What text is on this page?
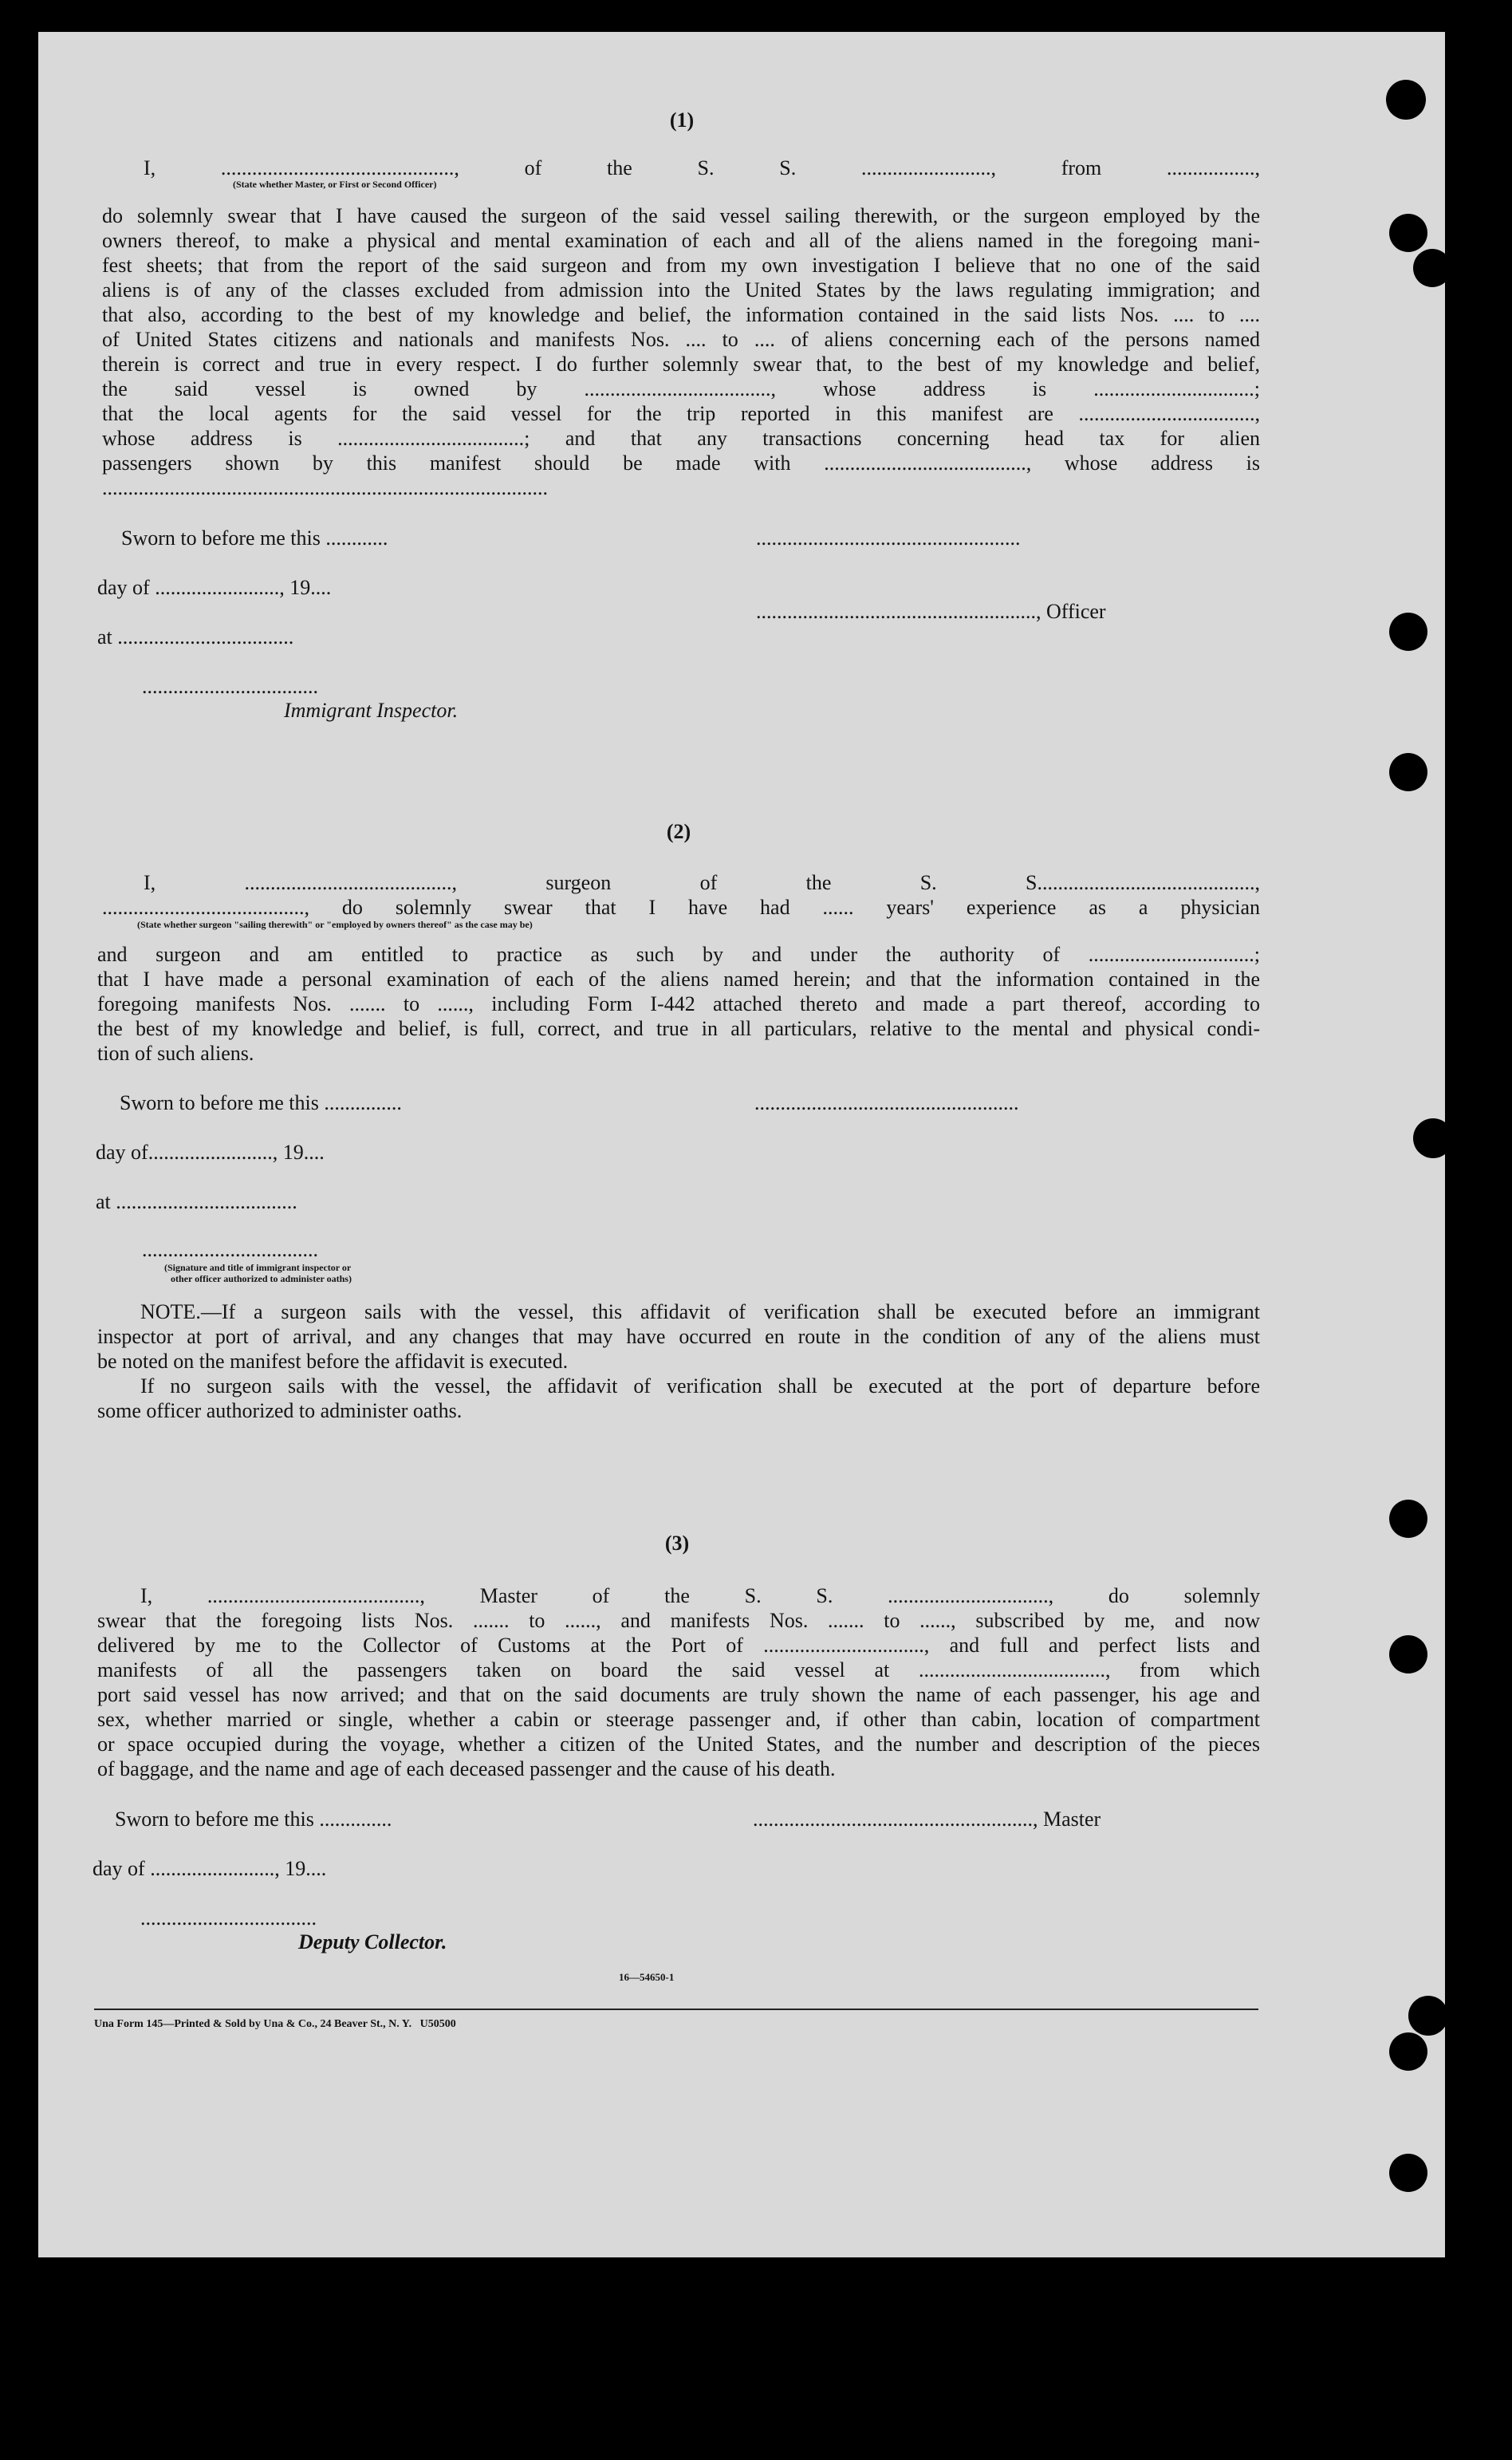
(1)
I, ............................................., of the S. S. ........................., from .................,
(State whether Master, or First or Second Officer)
do solemnly swear that I have caused the surgeon of the said vessel sailing therewith, or the surgeon employed by the
owners thereof, to make a physical and mental examination of each and all of the aliens named in the foregoing mani-
fest sheets; that from the report of the said surgeon and from my own investigation I believe that no one of the said
aliens is of any of the classes excluded from admission into the United States by the laws regulating immigration; and
that also, according to the best of my knowledge and belief, the information contained in the said lists Nos. .... to ....
of United States citizens and nationals and manifests Nos. .... to .... of aliens concerning each of the persons named
therein is correct and true in every respect. I do further solemnly swear that, to the best of my knowledge and belief,
the said vessel is owned by ...................................., whose address is ...............................;
that the local agents for the said vessel for the trip reported in this manifest are ..................................,
whose address is ....................................; and that any transactions concerning head tax for alien
passengers shown by this manifest should be made with ......................................., whose address is
......................................................................................
Sworn to before me this ............	...................................................
day of ........................, 19....
......................................................, Officer
at ..................................
..................................
Immigrant Inspector.
(2)
I, ........................................, surgeon of the S. S..........................................,
......................................., do solemnly swear that I have had ...... years' experience as a physician
(State whether surgeon "sailing therewith" or "employed by owners thereof" as the case may be)
and surgeon and am entitled to practice as such by and under the authority of ................................;
that I have made a personal examination of each of the aliens named herein; and that the information contained in the
foregoing manifests Nos. ....... to ......, including Form I-442 attached thereto and made a part thereof, according to
the best of my knowledge and belief, is full, correct, and true in all particulars, relative to the mental and physical condi-
tion of such aliens.
Sworn to before me this ...............	...................................................
day of........................, 19....
at ...................................
..................................
(Signature and title of immigrant inspector or
other officer authorized to administer oaths)
NOTE.—If a surgeon sails with the vessel, this affidavit of verification shall be executed before an immigrant
inspector at port of arrival, and any changes that may have occurred en route in the condition of any of the aliens must
be noted on the manifest before the affidavit is executed.
If no surgeon sails with the vessel, the affidavit of verification shall be executed at the port of departure before
some officer authorized to administer oaths.
(3)
I, ........................................., Master of the S. S. ..............................., do solemnly
swear that the foregoing lists Nos. ....... to ......, and manifests Nos. ....... to ......, subscribed by me, and now
delivered by me to the Collector of Customs at the Port of ..............................., and full and perfect lists and
manifests of all the passengers taken on board the said vessel at ...................................., from which
port said vessel has now arrived; and that on the said documents are truly shown the name of each passenger, his age and
sex, whether married or single, whether a cabin or steerage passenger and, if other than cabin, location of compartment
or space occupied during the voyage, whether a citizen of the United States, and the number and description of the pieces
of baggage, and the name and age of each deceased passenger and the cause of his death.
Sworn to before me this ..............	......................................................, Master
day of ........................, 19....
..................................
Deputy Collector.
16—54650-1
Una Form 145—Printed & Sold by Una & Co., 24 Beaver St., N. Y.   U50500
